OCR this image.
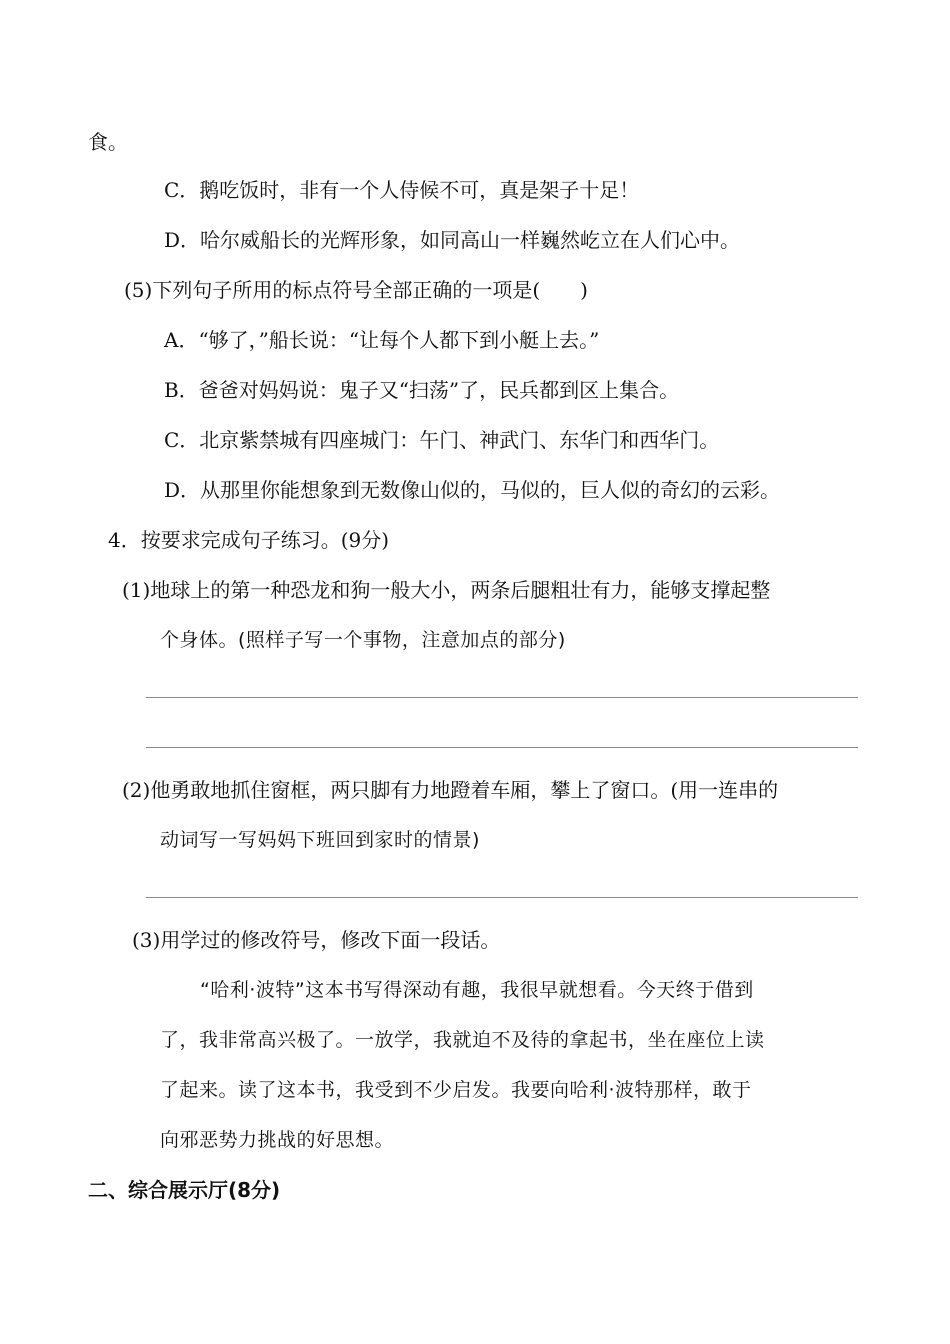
食。
C．鹅吃饭时，非有一个人侍候不可，真是架子十足！
D．哈尔威船长的光辉形象，如同高山一样巍然屹立在人们心中。
(5)下列句子所用的标点符号全部正确的一项是(　　)
A．“够了，”船长说：“让每个人都下到小艇上去。”
B．爸爸对妈妈说：鬼子又“扫荡”了，民兵都到区上集合。
C．北京紫禁城有四座城门：午门、神武门、东华门和西华门。
D．从那里你能想象到无数像山似的，马似的，巨人似的奇幻的云彩。
4．按要求完成句子练习。(9分)
(1)地球上的第一种恐龙和狗一般大小，两条后腿粗壮有力，能够支撑起整
个身体。(照样子写一个事物，注意加点的部分)
(2)他勇敢地抓住窗框，两只脚有力地蹬着车厢，攀上了窗口。(用一连串的
动词写一写妈妈下班回到家时的情景)
(3)用学过的修改符号，修改下面一段话。
“哈利·波特”这本书写得深动有趣，我很早就想看。今天终于借到
了，我非常高兴极了。一放学，我就迫不及待的拿起书，坐在座位上读
了起来。读了这本书，我受到不少启发。我要向哈利·波特那样，敢于
向邪恶势力挑战的好思想。
二、综合展示厅(8分)
